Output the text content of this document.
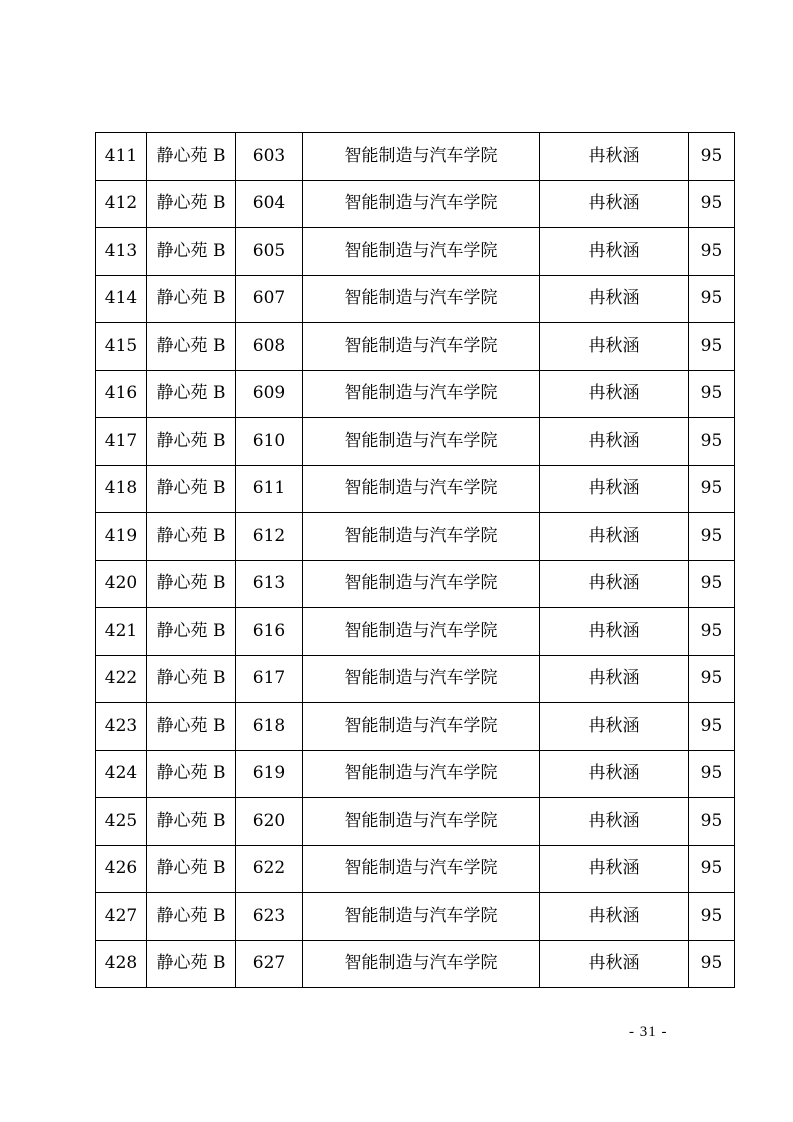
411	静心苑 B	603	智能制造与汽车学院	冉秋涵	95
412	静心苑 B	604	智能制造与汽车学院	冉秋涵	95
413	静心苑 B	605	智能制造与汽车学院	冉秋涵	95
414	静心苑 B	607	智能制造与汽车学院	冉秋涵	95
415	静心苑 B	608	智能制造与汽车学院	冉秋涵	95
416	静心苑 B	609	智能制造与汽车学院	冉秋涵	95
417	静心苑 B	610	智能制造与汽车学院	冉秋涵	95
418	静心苑 B	611	智能制造与汽车学院	冉秋涵	95
419	静心苑 B	612	智能制造与汽车学院	冉秋涵	95
420	静心苑 B	613	智能制造与汽车学院	冉秋涵	95
421	静心苑 B	616	智能制造与汽车学院	冉秋涵	95
422	静心苑 B	617	智能制造与汽车学院	冉秋涵	95
423	静心苑 B	618	智能制造与汽车学院	冉秋涵	95
424	静心苑 B	619	智能制造与汽车学院	冉秋涵	95
425	静心苑 B	620	智能制造与汽车学院	冉秋涵	95
426	静心苑 B	622	智能制造与汽车学院	冉秋涵	95
427	静心苑 B	623	智能制造与汽车学院	冉秋涵	95
428	静心苑 B	627	智能制造与汽车学院	冉秋涵	95
- 31 -
